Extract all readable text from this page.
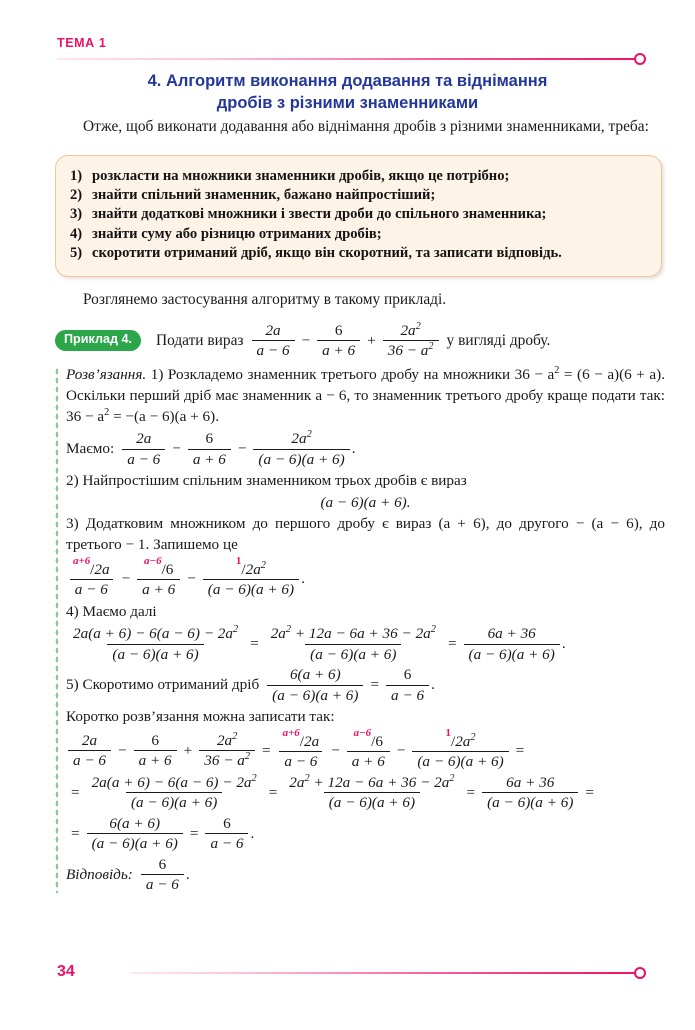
ТЕМА 1
4. Алгоритм виконання додавання та віднімання
дробів з різними знаменниками

Отже, щоб виконати додавання або віднімання дробів з різними знаменниками, треба:

1) розкласти на множники знаменники дробів, якщо це потрібно;
2) знайти спільний знаменник, бажано найпростіший;
3) знайти додаткові множники і звести дроби до спільного знаменника;
4) знайти суму або різницю отриманих дробів;
5) скоротити отриманий дріб, якщо він скоротний, та записати відповідь.

Розглянемо застосування алгоритму в такому прикладі.

Приклад 4.	Подати вираз $\frac{2a}{a - 6} - \frac{6}{a + 6} + \frac{2a^2}{36 - a^2}$ у вигляді дробу.

Розв’язання. 1) Розкладемо знаменник третього дробу на множники $36 - a^2 = (6 - a)(6 + a)$. Оскільки перший дріб має знаменник a − 6, то знаменник третього дробу краще подати так: $36 - a^2 = -(a - 6)(a + 6)$.

Маємо: $\frac{2a}{a - 6} - \frac{6}{a + 6} - \frac{2a^2}{(a - 6)(a + 6)}$ .

2) Найпростішим спільним знаменником трьох дробів є вираз

(a − 6)(a + 6).

3) Додатковим множником до першого дробу є вираз (a + 6), до другого − (a − 6), до третього − 1. Запишемо це

$\frac{^{a+6}/2a}{a - 6} - \frac{^{a-6}/6}{a + 6} - \frac{^1/2a^2}{(a - 6)(a + 6)}$ .

4) Маємо далі

$\frac{2a(a + 6) - 6(a - 6) - 2a^2}{(a - 6)(a + 6)} = \frac{2a^2 + 12a - 6a + 36 - 2a^2}{(a - 6)(a + 6)} = \frac{6a + 36}{(a - 6)(a + 6)}$ .
5) Скоротимо отриманий дріб $\frac{6(a + 6)}{(a - 6)(a + 6)} = \frac{6}{a - 6}$ .

Коротко розв’язання можна записати так:

$\frac{2a}{a - 6} - \frac{6}{a + 6} + \frac{2a^2}{36 - a^2} = \frac{^{a+6}/2a}{a - 6} - \frac{^{a-6}/6}{a + 6} - \frac{^1/2a^2}{(a - 6)(a + 6)}$ =
= $\frac{2a(a + 6) - 6(a - 6) - 2a^2}{(a - 6)(a + 6)} = \frac{2a^2 + 12a - 6a + 36 - 2a^2}{(a - 6)(a + 6)} = \frac{6a + 36}{(a - 6)(a + 6)}$ =
= $\frac{6(a + 6)}{(a - 6)(a + 6)} = \frac{6}{a - 6}$ .
Відповідь: $\frac{6}{a - 6}$ .
34
